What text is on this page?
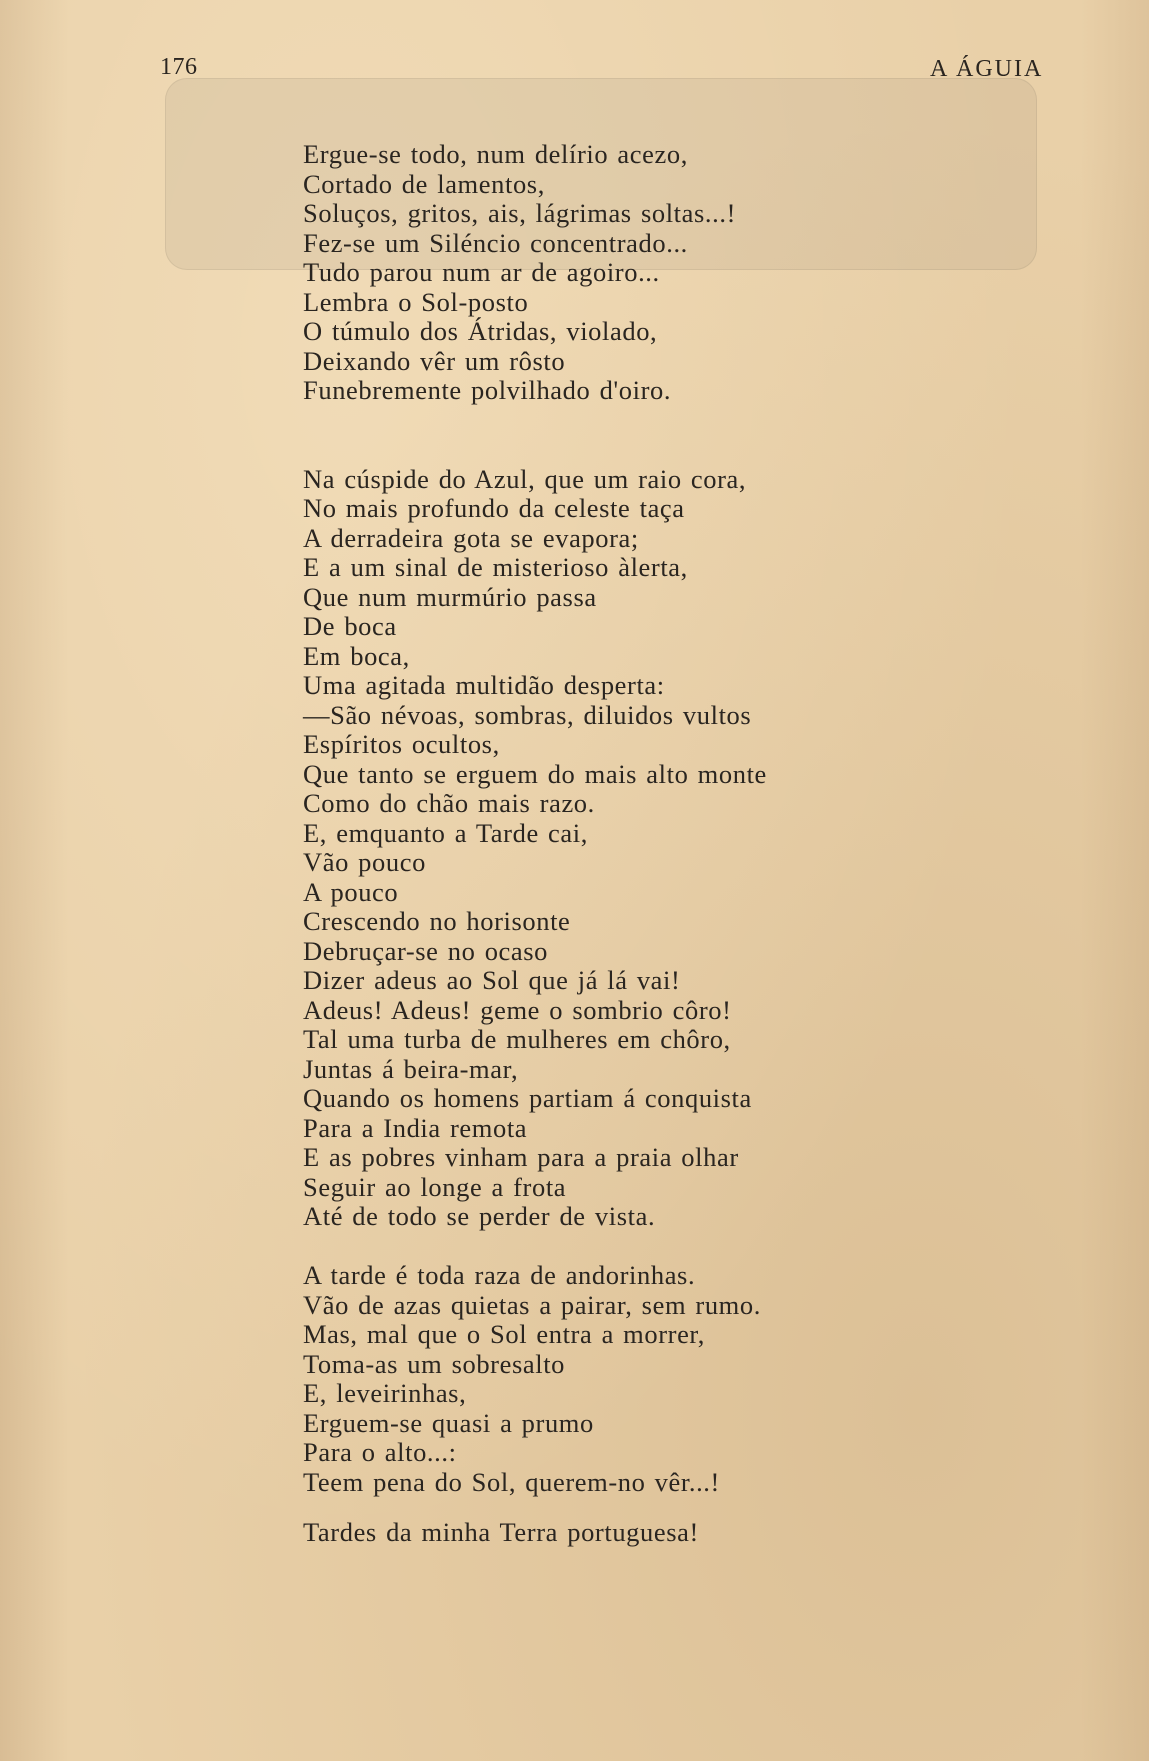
176	A ÁGUIA
Ergue-se todo, num delírio acezo,
Cortado de lamentos,
Soluços, gritos, ais, lágrimas soltas...!
Fez-se um Siléncio concentrado...
Tudo parou num ar de agoiro...
Lembra o Sol-posto
O túmulo dos Átridas, violado,
Deixando vêr um rôsto
Funebremente polvilhado d'oiro.
Na cúspide do Azul, que um raio cora,
No mais profundo da celeste taça
A derradeira gota se evapora;
E a um sinal de misterioso àlerta,
Que num murmúrio passa
De boca
Em boca,
Uma agitada multidão desperta:
—São névoas, sombras, diluidos vultos
Espíritos ocultos,
Que tanto se erguem do mais alto monte
Como do chão mais razo.
E, emquanto a Tarde cai,
Vão pouco
A pouco
Crescendo no horisonte
Debruçar-se no ocaso
Dizer adeus ao Sol que já lá vai!
Adeus! Adeus! geme o sombrio côro!
Tal uma turba de mulheres em chôro,
Juntas á beira-mar,
Quando os homens partiam á conquista
Para a India remota
E as pobres vinham para a praia olhar
Seguir ao longe a frota
Até de todo se perder de vista.
A tarde é toda raza de andorinhas.
Vão de azas quietas a pairar, sem rumo.
Mas, mal que o Sol entra a morrer,
Toma-as um sobresalto
E, leveirinhas,
Erguem-se quasi a prumo
Para o alto...:
Teem pena do Sol, querem-no vêr...!
Tardes da minha Terra portuguesa!
